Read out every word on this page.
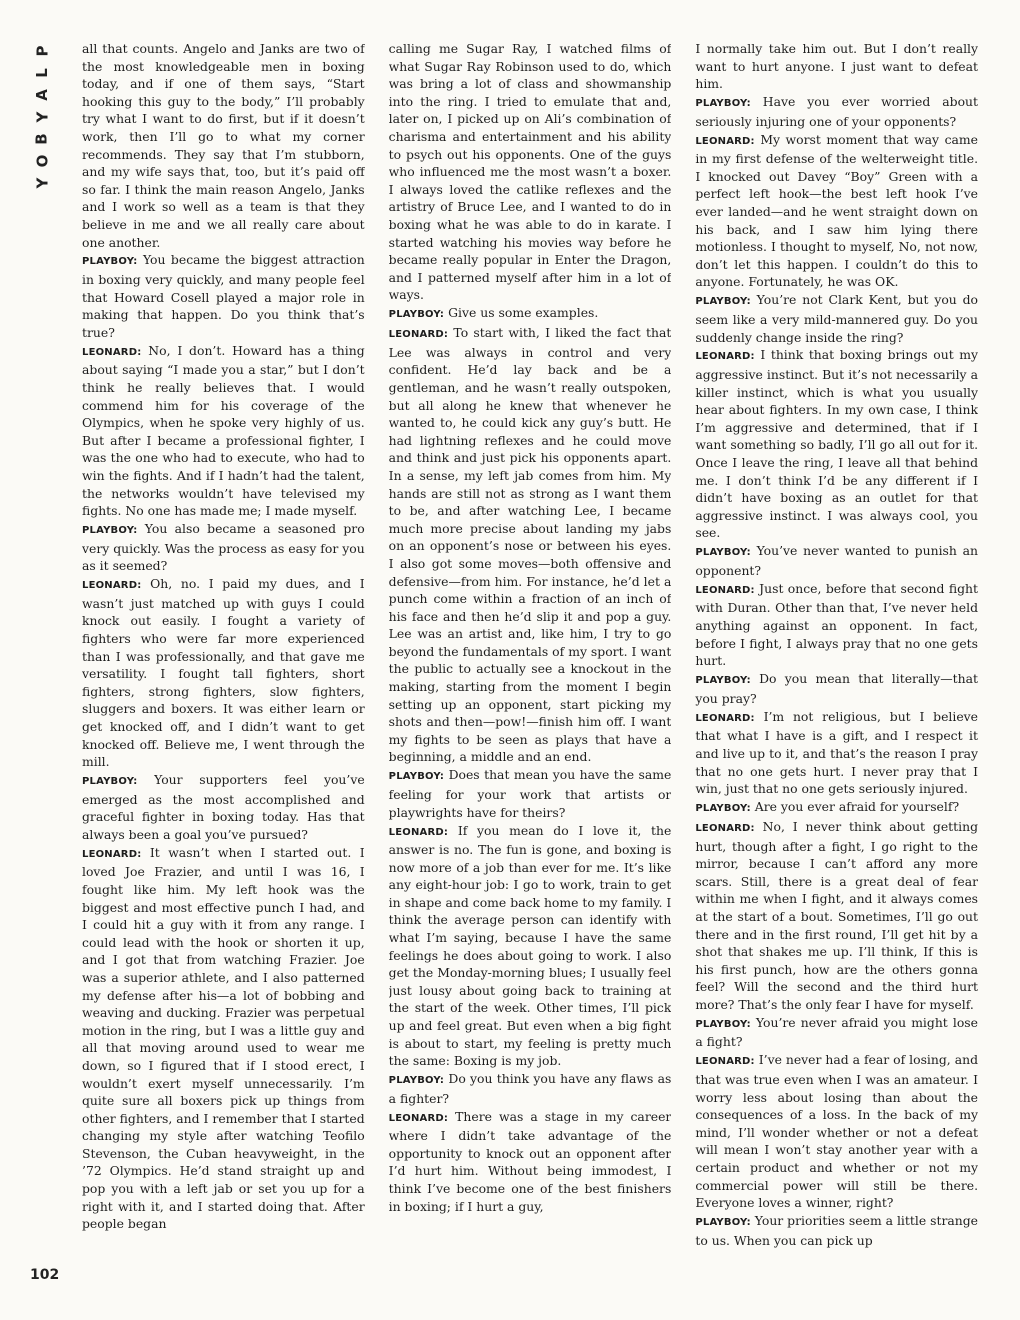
P
L
A
Y
B
O
Y
102

all that counts. Angelo and Janks are two of the most knowledgeable men in boxing today, and if one of them says, “Start hooking this guy to the body,” I’ll probably try what I want to do first, but if it doesn’t work, then I’ll go to what my corner recommends. They say that I’m stubborn, and my wife says that, too, but it’s paid off so far. I think the main reason Angelo, Janks and I work so well as a team is that they believe in me and we all really care about one another.

PLAYBOY: You became the biggest attraction in boxing very quickly, and many people feel that Howard Cosell played a major role in making that happen. Do you think that’s true?

LEONARD: No, I don’t. Howard has a thing about saying “I made you a star,” but I don’t think he really believes that. I would commend him for his coverage of the Olympics, when he spoke very highly of us. But after I became a professional fighter, I was the one who had to execute, who had to win the fights. And if I hadn’t had the talent, the networks wouldn’t have televised my fights. No one has made me; I made myself.

PLAYBOY: You also became a seasoned pro very quickly. Was the process as easy for you as it seemed?

LEONARD: Oh, no. I paid my dues, and I wasn’t just matched up with guys I could knock out easily. I fought a variety of fighters who were far more experienced than I was professionally, and that gave me versatility. I fought tall fighters, short fighters, strong fighters, slow fighters, sluggers and boxers. It was either learn or get knocked off, and I didn’t want to get knocked off. Believe me, I went through the mill.

PLAYBOY: Your supporters feel you’ve emerged as the most accomplished and graceful fighter in boxing today. Has that always been a goal you’ve pursued?

LEONARD: It wasn’t when I started out. I loved Joe Frazier, and until I was 16, I fought like him. My left hook was the biggest and most effective punch I had, and I could hit a guy with it from any range. I could lead with the hook or shorten it up, and I got that from watching Frazier. Joe was a superior athlete, and I also patterned my defense after his—a lot of bobbing and weaving and ducking. Frazier was perpetual motion in the ring, but I was a little guy and all that moving around used to wear me down, so I figured that if I stood erect, I wouldn’t exert myself unnecessarily. I’m quite sure all boxers pick up things from other fighters, and I remember that I started changing my style after watching Teofilo Stevenson, the Cuban heavyweight, in the ’72 Olympics. He’d stand straight up and pop you with a left jab or set you up for a right with it, and I started doing that. After people began

calling me Sugar Ray, I watched films of what Sugar Ray Robinson used to do, which was bring a lot of class and showmanship into the ring. I tried to emulate that and, later on, I picked up on Ali’s combination of charisma and entertainment and his ability to psych out his opponents. One of the guys who influenced me the most wasn’t a boxer. I always loved the catlike reflexes and the artistry of Bruce Lee, and I wanted to do in boxing what he was able to do in karate. I started watching his movies way before he became really popular in Enter the Dragon, and I patterned myself after him in a lot of ways.

PLAYBOY: Give us some examples.

LEONARD: To start with, I liked the fact that Lee was always in control and very confident. He’d lay back and be a gentleman, and he wasn’t really outspoken, but all along he knew that whenever he wanted to, he could kick any guy’s butt. He had lightning reflexes and he could move and think and just pick his opponents apart. In a sense, my left jab comes from him. My hands are still not as strong as I want them to be, and after watching Lee, I became much more precise about landing my jabs on an opponent’s nose or between his eyes. I also got some moves—both offensive and defensive—from him. For instance, he’d let a punch come within a fraction of an inch of his face and then he’d slip it and pop a guy. Lee was an artist and, like him, I try to go beyond the fundamentals of my sport. I want the public to actually see a knockout in the making, starting from the moment I begin setting up an opponent, start picking my shots and then—pow!—finish him off. I want my fights to be seen as plays that have a beginning, a middle and an end.

PLAYBOY: Does that mean you have the same feeling for your work that artists or playwrights have for theirs?

LEONARD: If you mean do I love it, the answer is no. The fun is gone, and boxing is now more of a job than ever for me. It’s like any eight-hour job: I go to work, train to get in shape and come back home to my family. I think the average person can identify with what I’m saying, because I have the same feelings he does about going to work. I also get the Monday-morning blues; I usually feel just lousy about going back to training at the start of the week. Other times, I’ll pick up and feel great. But even when a big fight is about to start, my feeling is pretty much the same: Boxing is my job.

PLAYBOY: Do you think you have any flaws as a fighter?

LEONARD: There was a stage in my career where I didn’t take advantage of the opportunity to knock out an opponent after I’d hurt him. Without being immodest, I think I’ve become one of the best finishers in boxing; if I hurt a guy,

I normally take him out. But I don’t really want to hurt anyone. I just want to defeat him.

PLAYBOY: Have you ever worried about seriously injuring one of your opponents?

LEONARD: My worst moment that way came in my first defense of the welterweight title. I knocked out Davey “Boy” Green with a perfect left hook—the best left hook I’ve ever landed—and he went straight down on his back, and I saw him lying there motionless. I thought to myself, No, not now, don’t let this happen. I couldn’t do this to anyone. Fortunately, he was OK.

PLAYBOY: You’re not Clark Kent, but you do seem like a very mild-mannered guy. Do you suddenly change inside the ring?

LEONARD: I think that boxing brings out my aggressive instinct. But it’s not necessarily a killer instinct, which is what you usually hear about fighters. In my own case, I think I’m aggressive and determined, that if I want something so badly, I’ll go all out for it. Once I leave the ring, I leave all that behind me. I don’t think I’d be any different if I didn’t have boxing as an outlet for that aggressive instinct. I was always cool, you see.

PLAYBOY: You’ve never wanted to punish an opponent?

LEONARD: Just once, before that second fight with Duran. Other than that, I’ve never held anything against an opponent. In fact, before I fight, I always pray that no one gets hurt.

PLAYBOY: Do you mean that literally—that you pray?

LEONARD: I’m not religious, but I believe that what I have is a gift, and I respect it and live up to it, and that’s the reason I pray that no one gets hurt. I never pray that I win, just that no one gets seriously injured.

PLAYBOY: Are you ever afraid for yourself?

LEONARD: No, I never think about getting hurt, though after a fight, I go right to the mirror, because I can’t afford any more scars. Still, there is a great deal of fear within me when I fight, and it always comes at the start of a bout. Sometimes, I’ll go out there and in the first round, I’ll get hit by a shot that shakes me up. I’ll think, If this is his first punch, how are the others gonna feel? Will the second and the third hurt more? That’s the only fear I have for myself.

PLAYBOY: You’re never afraid you might lose a fight?

LEONARD: I’ve never had a fear of losing, and that was true even when I was an amateur. I worry less about losing than about the consequences of a loss. In the back of my mind, I’ll wonder whether or not a defeat will mean I won’t stay another year with a certain product and whether or not my commercial power will still be there. Everyone loves a winner, right?

PLAYBOY: Your priorities seem a little strange to us. When you can pick up
